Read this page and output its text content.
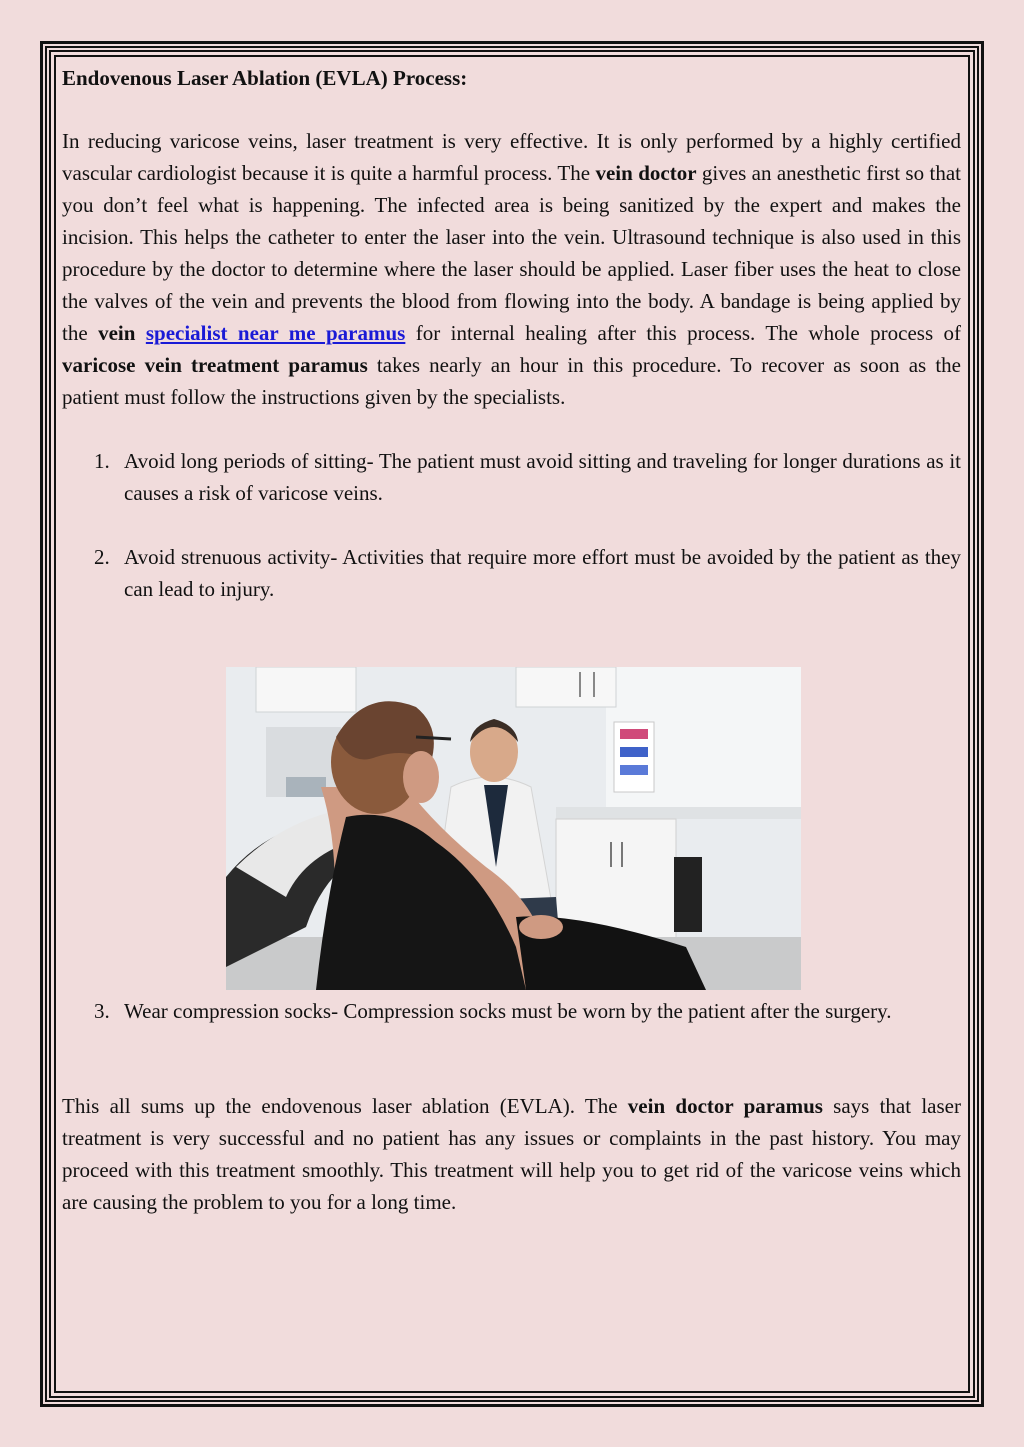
Endovenous Laser Ablation (EVLA) Process:

In reducing varicose veins, laser treatment is very effective. It is only performed by a highly certified vascular cardiologist because it is quite a harmful process. The vein doctor gives an anesthetic first so that you don’t feel what is happening. The infected area is being sanitized by the expert and makes the incision. This helps the catheter to enter the laser into the vein. Ultrasound technique is also used in this procedure by the doctor to determine where the laser should be applied. Laser fiber uses the heat to close the valves of the vein and prevents the blood from flowing into the body. A bandage is being applied by the vein specialist near me paramus for internal healing after this process. The whole process of varicose vein treatment paramus takes nearly an hour in this procedure. To recover as soon as the patient must follow the instructions given by the specialists.

1. Avoid long periods of sitting- The patient must avoid sitting and traveling for longer durations as it causes a risk of varicose veins.
2. Avoid strenuous activity- Activities that require more effort must be avoided by the patient as they can lead to injury.
3. Wear compression socks- Compression socks must be worn by the patient after the surgery.

This all sums up the endovenous laser ablation (EVLA). The vein doctor paramus says that laser treatment is very successful and no patient has any issues or complaints in the past history. You may proceed with this treatment smoothly. This treatment will help you to get rid of the varicose veins which are causing the problem to you for a long time.
